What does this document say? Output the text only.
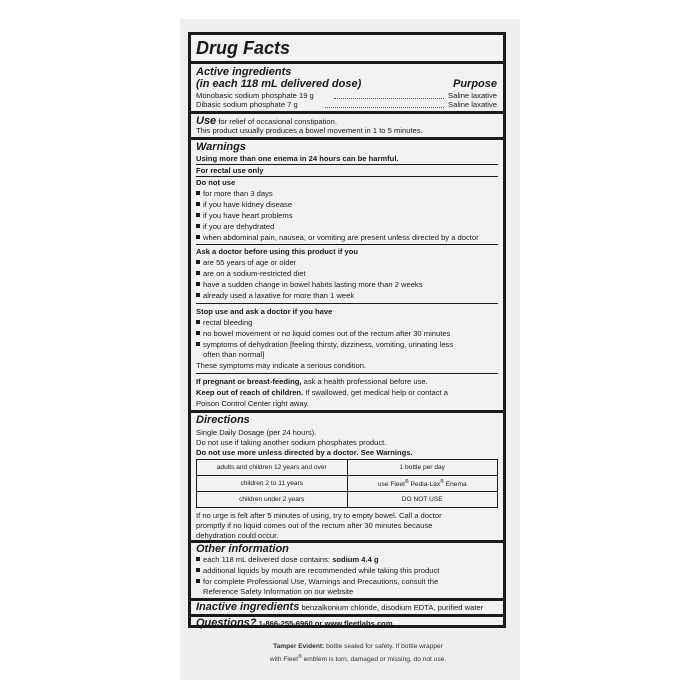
Drug Facts
Active ingredients
(in each 118 mL delivered dose)	Purpose
Monobasic sodium phosphate 19 g	Saline laxative
Dibasic sodium phosphate 7 g	Saline laxative
Use for relief of occasional constipation.
This product usually produces a bowel movement in 1 to 5 minutes.
Warnings
Using more than one enema in 24 hours can be harmful.
For rectal use only
Do not use
for more than 3 days
if you have kidney disease
if you have heart problems
if you are dehydrated
when abdominal pain, nausea, or vomiting are present unless directed by a doctor
Ask a doctor before using this product if you
are 55 years of age or older
are on a sodium-restricted diet
have a sudden change in bowel habits lasting more than 2 weeks
already used a laxative for more than 1 week
Stop use and ask a doctor if you have
rectal bleeding
no bowel movement or no liquid comes out of the rectum after 30 minutes
symptoms of dehydration [feeling thirsty, dizziness, vomiting, urinating less
often than normal]
These symptoms may indicate a serious condition.
If pregnant or breast-feeding, ask a health professional before use.
Keep out of reach of children. If swallowed, get medical help or contact a
Poison Control Center right away.
Directions
Single Daily Dosage (per 24 hours).
Do not use if taking another sodium phosphates product.
Do not use more unless directed by a doctor. See Warnings.
adults and children 12 years and over	1 bottle per day
children 2 to 11 years	use Fleet® Pedia-Lax® Enema
children under 2 years	DO NOT USE
If no urge is felt after 5 minutes of using, try to empty bowel. Call a doctor
promptly if no liquid comes out of the rectum after 30 minutes because
dehydration could occur.
Other information
each 118 mL delivered dose contains: sodium 4.4 g
additional liquids by mouth are recommended while taking this product
for complete Professional Use, Warnings and Precautions, consult the
Reference Safety Information on our website
Inactive ingredients benzalkonium chloride, disodium EDTA, purified water
Questions? 1-866-255-6960 or www.fleetlabs.com
Tamper Evident: bottle sealed for safety. If bottle wrapper
with Fleet® emblem is torn, damaged or missing, do not use.
